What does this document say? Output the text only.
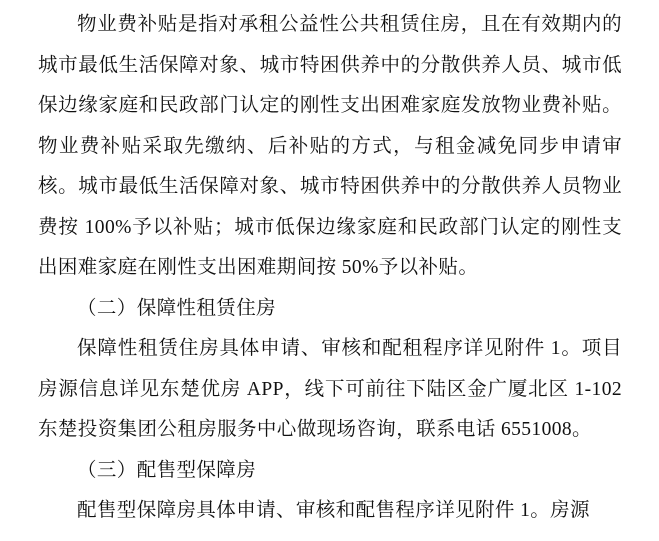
物业费补贴是指对承租公益性公共租赁住房，且在有效期内的城市最低生活保障对象、城市特困供养中的分散供养人员、城市低保边缘家庭和民政部门认定的刚性支出困难家庭发放物业费补贴。物业费补贴采取先缴纳、后补贴的方式，与租金减免同步申请审核。城市最低生活保障对象、城市特困供养中的分散供养人员物业费按 100%予以补贴；城市低保边缘家庭和民政部门认定的刚性支出困难家庭在刚性支出困难期间按 50%予以补贴。

（二）保障性租赁住房

保障性租赁住房具体申请、审核和配租程序详见附件 1。项目房源信息详见东楚优房 APP，线下可前往下陆区金广厦北区 1-102 东楚投资集团公租房服务中心做现场咨询，联系电话 6551008。

（三）配售型保障房

配售型保障房具体申请、审核和配售程序详见附件 1。房源
